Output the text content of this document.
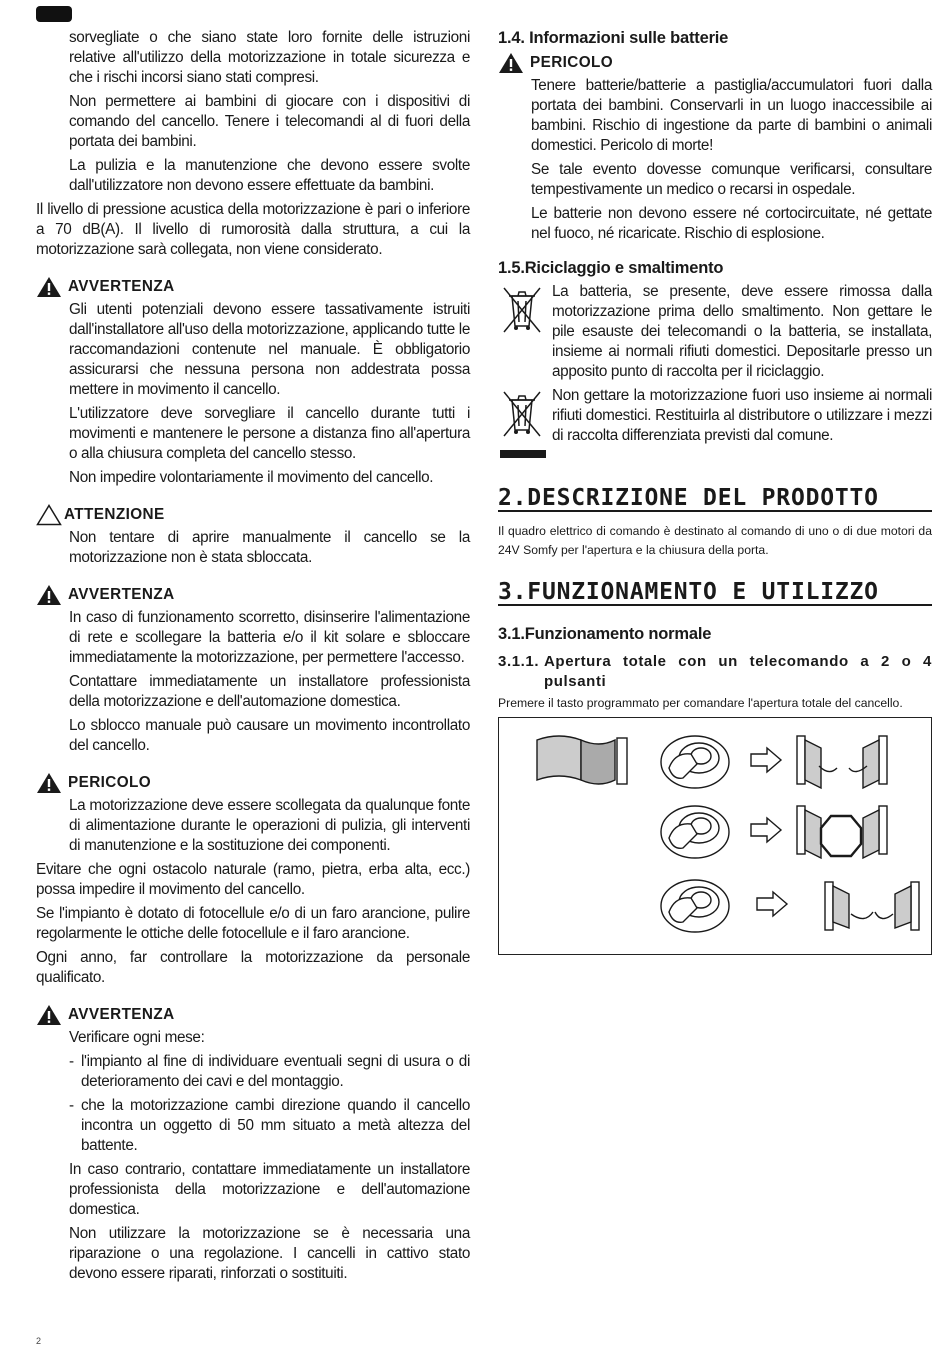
sorvegliate o che siano state loro fornite delle istruzioni relative all'utilizzo della motorizzazione in totale sicurezza e che i rischi incorsi siano stati compresi.

Non permettere ai bambini di giocare con i dispositivi di comando del cancello. Tenere i telecomandi al di fuori della portata dei bambini.

La pulizia e la manutenzione che devono essere svolte dall'utilizzatore non devono essere effettuate da bambini.

Il livello di pressione acustica della motorizzazione è pari o inferiore a 70 dB(A). Il livello di rumorosità dalla struttura, a cui la motorizzazione sarà collegata, non viene considerato.

AVVERTENZA

Gli utenti potenziali devono essere tassativamente istruiti dall'installatore all'uso della motorizzazione, applicando tutte le raccomandazioni contenute nel manuale. È obbligatorio assicurarsi che nessuna persona non addestrata possa mettere in movimento il cancello.

L'utilizzatore deve sorvegliare il cancello durante tutti i movimenti e mantenere le persone a distanza fino all'apertura o alla chiusura completa del cancello stesso.

Non impedire volontariamente il movimento del cancello.

ATTENZIONE

Non tentare di aprire manualmente il cancello se la motorizzazione non è stata sbloccata.

AVVERTENZA

In caso di funzionamento scorretto, disinserire l'alimentazione di rete e scollegare la batteria e/o il kit solare e sbloccare immediatamente la motorizzazione, per permettere l'accesso.

Contattare immediatamente un installatore professionista della motorizzazione e dell'automazione domestica.

Lo sblocco manuale può causare un movimento incontrollato del cancello.

PERICOLO

La motorizzazione deve essere scollegata da qualunque fonte di alimentazione durante le operazioni di pulizia, gli interventi di manutenzione e la sostituzione dei componenti.

Evitare che ogni ostacolo naturale (ramo, pietra, erba alta, ecc.) possa impedire il movimento del cancello.

Se l'impianto è dotato di fotocellule e/o di un faro arancione, pulire regolarmente le ottiche delle fotocellule e il faro arancione.

Ogni anno, far controllare la motorizzazione da personale qualificato.

AVVERTENZA

Verificare ogni mese:

- l'impianto al fine di individuare eventuali segni di usura o di deterioramento dei cavi e del montaggio.
- che la motorizzazione cambi direzione quando il cancello incontra un oggetto di 50 mm situato a metà altezza del battente.

In caso contrario, contattare immediatamente un installatore professionista della motorizzazione e dell'automazione domestica.

Non utilizzare la motorizzazione se è necessaria una riparazione o una regolazione. I cancelli in cattivo stato devono essere riparati, rinforzati o sostituiti.

1.4. Informazioni sulle batterie
PERICOLO

Tenere batterie/batterie a pastiglia/accumulatori fuori dalla portata dei bambini. Conservarli in un luogo inaccessibile ai bambini. Rischio di ingestione da parte di bambini o animali domestici. Pericolo di morte!

Se tale evento dovesse comunque verificarsi, consultare tempestivamente un medico o recarsi in ospedale.

Le batterie non devono essere né cortocircuitate, né gettate nel fuoco, né ricaricate. Rischio di esplosione.

1.5.Riciclaggio e smaltimento

La batteria, se presente, deve essere rimossa dalla motorizzazione prima dello smaltimento. Non gettare le pile esauste dei telecomandi o la batteria, se installata, insieme ai normali rifiuti domestici. Depositarle presso un apposito punto di raccolta per il riciclaggio.

Non gettare la motorizzazione fuori uso insieme ai normali rifiuti domestici. Restituirla al distributore o utilizzare i mezzi di raccolta differenziata previsti dal comune.

2.DESCRIZIONE DEL PRODOTTO

Il quadro elettrico di comando è destinato al comando di uno o di due motori da 24V Somfy per l'apertura e la chiusura della porta.

3.FUNZIONAMENTO E UTILIZZO
3.1.Funzionamento normale
3.1.1. Apertura totale con un telecomando a 2 o 4 pulsanti

Premere il tasto programmato per comandare l'apertura totale del cancello.

2
